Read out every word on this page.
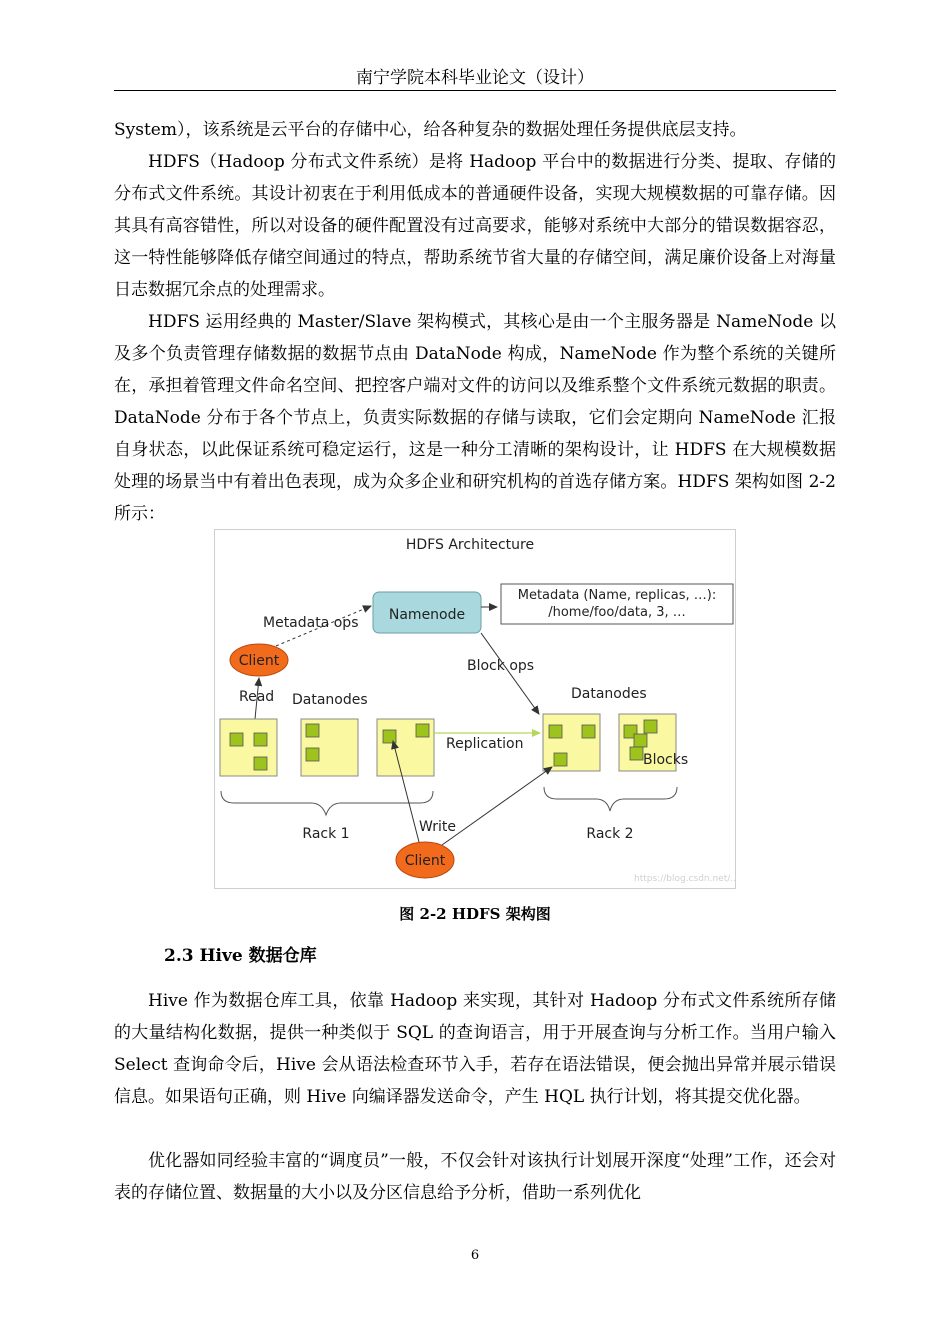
南宁学院本科毕业论文（设计）

System），该系统是云平台的存储中心，给各种复杂的数据处理任务提供底层支持。

HDFS（Hadoop 分布式文件系统）是将 Hadoop 平台中的数据进行分类、提取、存储的分布式文件系统。其设计初衷在于利用低成本的普通硬件设备，实现大规模数据的可靠存储。因其具有高容错性，所以对设备的硬件配置没有过高要求，能够对系统中大部分的错误数据容忍，这一特性能够降低存储空间通过的特点，帮助系统节省大量的存储空间，满足廉价设备上对海量日志数据冗余点的处理需求。

HDFS 运用经典的 Master/Slave 架构模式，其核心是由一个主服务器是 NameNode 以及多个负责管理存储数据的数据节点由 DataNode 构成，NameNode 作为整个系统的关键所在，承担着管理文件命名空间、把控客户端对文件的访问以及维系整个文件系统元数据的职责。DataNode 分布于各个节点上，负责实际数据的存储与读取，它们会定期向 NameNode 汇报自身状态，以此保证系统可稳定运行，这是一种分工清晰的架构设计，让 HDFS 在大规模数据处理的场景当中有着出色表现，成为众多企业和研究机构的首选存储方案。HDFS 架构如图 2-2 所示：

HDFS Architecture
Namenode
Metadata (Name, replicas, …):
/home/foo/data, 3, …
Client
Metadata ops
Block ops
Datanodes	Datanodes
Read
Blocks
Replication
Rack 1	Rack 2
Client
Write
https://blog.csdn.net/...
图 2-2 HDFS 架构图
2.3 Hive 数据仓库

Hive 作为数据仓库工具，依靠 Hadoop 来实现，其针对 Hadoop 分布式文件系统所存储的大量结构化数据，提供一种类似于 SQL 的查询语言，用于开展查询与分析工作。当用户输入 Select 查询命令后，Hive 会从语法检查环节入手，若存在语法错误，便会抛出异常并展示错误信息。如果语句正确，则 Hive 向编译器发送命令，产生 HQL 执行计划，将其提交优化器。

优化器如同经验丰富的“调度员”一般，不仅会针对该执行计划展开深度“处理”工作，还会对表的存储位置、数据量的大小以及分区信息给予分析，借助一系列优化

6
